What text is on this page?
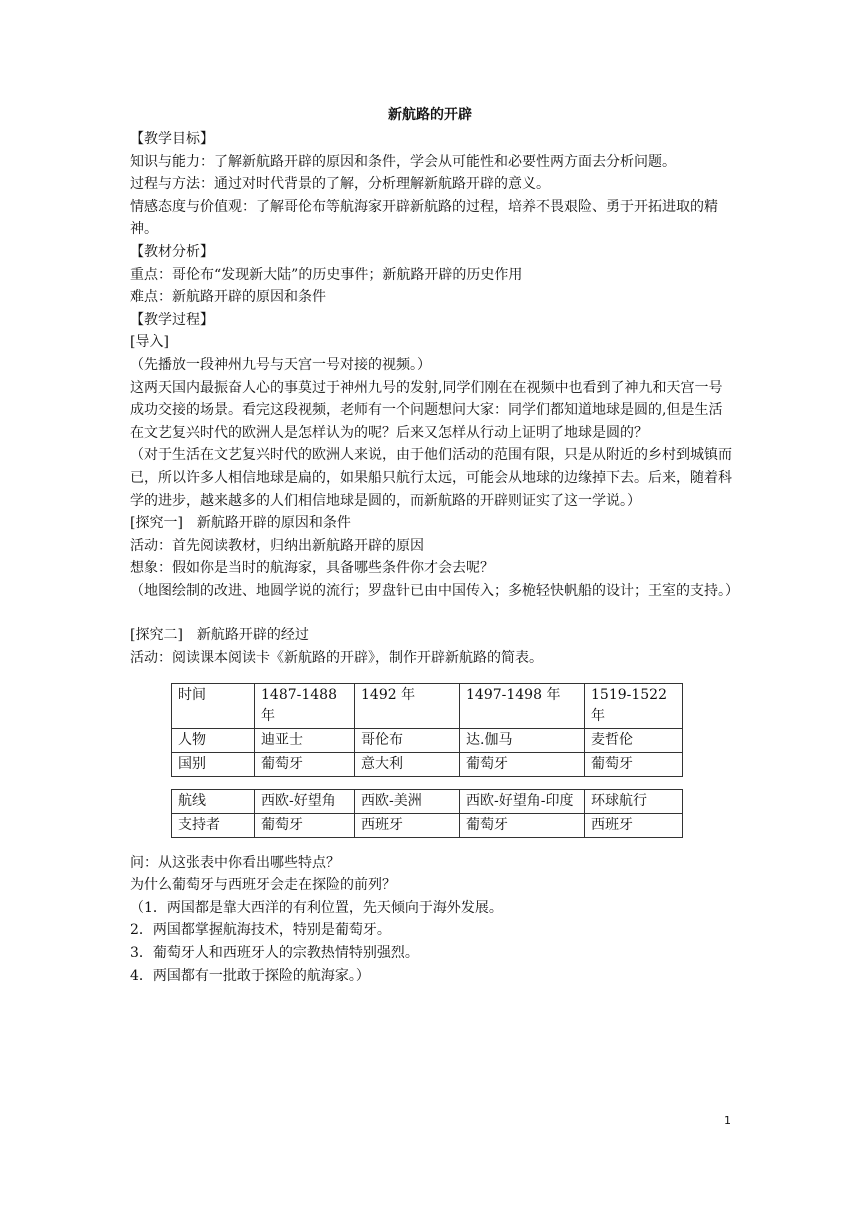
新航路的开辟

【教学目标】

知识与能力：了解新航路开辟的原因和条件，学会从可能性和必要性两方面去分析问题。

过程与方法：通过对时代背景的了解，分析理解新航路开辟的意义。

情感态度与价值观：了解哥伦布等航海家开辟新航路的过程，培养不畏艰险、勇于开拓进取的精神。

【教材分析】

重点：哥伦布“发现新大陆”的历史事件；新航路开辟的历史作用

难点：新航路开辟的原因和条件

【教学过程】

[导入]

（先播放一段神州九号与天宫一号对接的视频。）

这两天国内最振奋人心的事莫过于神州九号的发射,同学们刚在在视频中也看到了神九和天宫一号成功交接的场景。看完这段视频，老师有一个问题想问大家：同学们都知道地球是圆的,但是生活在文艺复兴时代的欧洲人是怎样认为的呢？后来又怎样从行动上证明了地球是圆的？

（对于生活在文艺复兴时代的欧洲人来说，由于他们活动的范围有限，只是从附近的乡村到城镇而已，所以许多人相信地球是扁的，如果船只航行太远，可能会从地球的边缘掉下去。后来，随着科学的进步，越来越多的人们相信地球是圆的，而新航路的开辟则证实了这一学说。）

[探究一]　新航路开辟的原因和条件

活动：首先阅读教材，归纳出新航路开辟的原因

想象：假如你是当时的航海家，具备哪些条件你才会去呢？

（地图绘制的改进、地圆学说的流行；罗盘针已由中国传入；多桅轻快帆船的设计；王室的支持。）

[探究二]　新航路开辟的经过

活动：阅读课本阅读卡《新航路的开辟》，制作开辟新航路的简表。

时间	1487-1488 年	1492 年	1497-1498 年	1519-1522 年
人物	迪亚士	哥伦布	达.伽马	麦哲伦
国别	葡萄牙	意大利	葡萄牙	葡萄牙
航线	西欧-好望角	西欧-美洲	西欧-好望角-印度	环球航行
支持者	葡萄牙	西班牙	葡萄牙	西班牙

问：从这张表中你看出哪些特点？

为什么葡萄牙与西班牙会走在探险的前列？

（1．两国都是靠大西洋的有利位置，先天倾向于海外发展。

2．两国都掌握航海技术，特别是葡萄牙。

3．葡萄牙人和西班牙人的宗教热情特别强烈。

4．两国都有一批敢于探险的航海家。）

1
